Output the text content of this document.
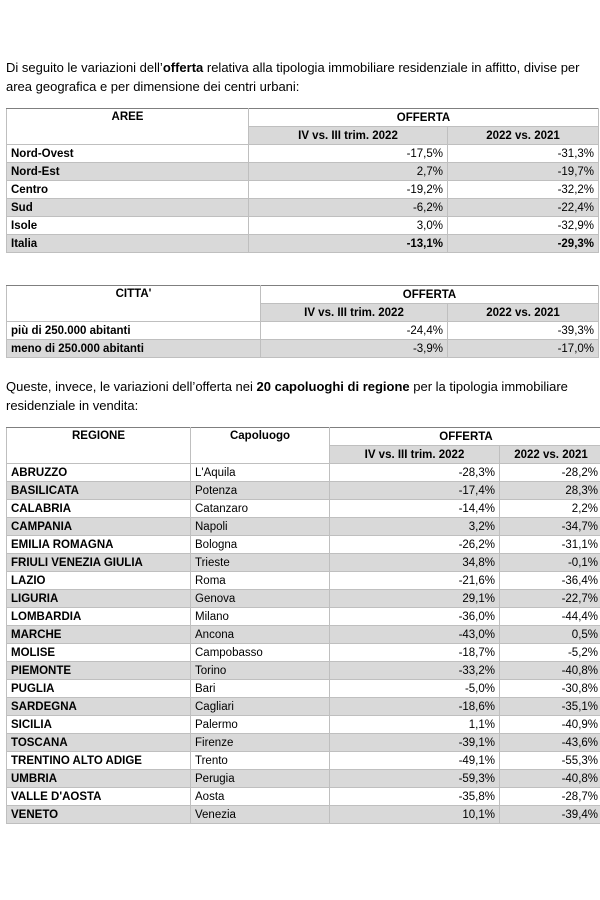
Di seguito le variazioni dell’offerta relativa alla tipologia immobiliare residenziale in affitto, divise per area geografica e per dimensione dei centri urbani:

AREE	OFFERTA	
	IV vs. III trim. 2022	2022 vs. 2021
Nord-Ovest	-17,5%	-31,3%
Nord-Est	2,7%	-19,7%
Centro	-19,2%	-32,2%
Sud	-6,2%	-22,4%
Isole	3,0%	-32,9%
Italia	-13,1%	-29,3%
CITTA'	OFFERTA	
	IV vs. III trim. 2022	2022 vs. 2021
più di 250.000 abitanti	-24,4%	-39,3%
meno di 250.000 abitanti	-3,9%	-17,0%

Queste, invece, le variazioni dell’offerta nei 20 capoluoghi di regione per la tipologia immobiliare residenziale in vendita:

REGIONE	Capoluogo	OFFERTA	
		IV vs. III trim. 2022	2022 vs. 2021
ABRUZZO	L'Aquila	-28,3%	-28,2%
BASILICATA	Potenza	-17,4%	28,3%
CALABRIA	Catanzaro	-14,4%	2,2%
CAMPANIA	Napoli	3,2%	-34,7%
EMILIA ROMAGNA	Bologna	-26,2%	-31,1%
FRIULI VENEZIA GIULIA	Trieste	34,8%	-0,1%
LAZIO	Roma	-21,6%	-36,4%
LIGURIA	Genova	29,1%	-22,7%
LOMBARDIA	Milano	-36,0%	-44,4%
MARCHE	Ancona	-43,0%	0,5%
MOLISE	Campobasso	-18,7%	-5,2%
PIEMONTE	Torino	-33,2%	-40,8%
PUGLIA	Bari	-5,0%	-30,8%
SARDEGNA	Cagliari	-18,6%	-35,1%
SICILIA	Palermo	1,1%	-40,9%
TOSCANA	Firenze	-39,1%	-43,6%
TRENTINO ALTO ADIGE	Trento	-49,1%	-55,3%
UMBRIA	Perugia	-59,3%	-40,8%
VALLE D'AOSTA	Aosta	-35,8%	-28,7%
VENETO	Venezia	10,1%	-39,4%
